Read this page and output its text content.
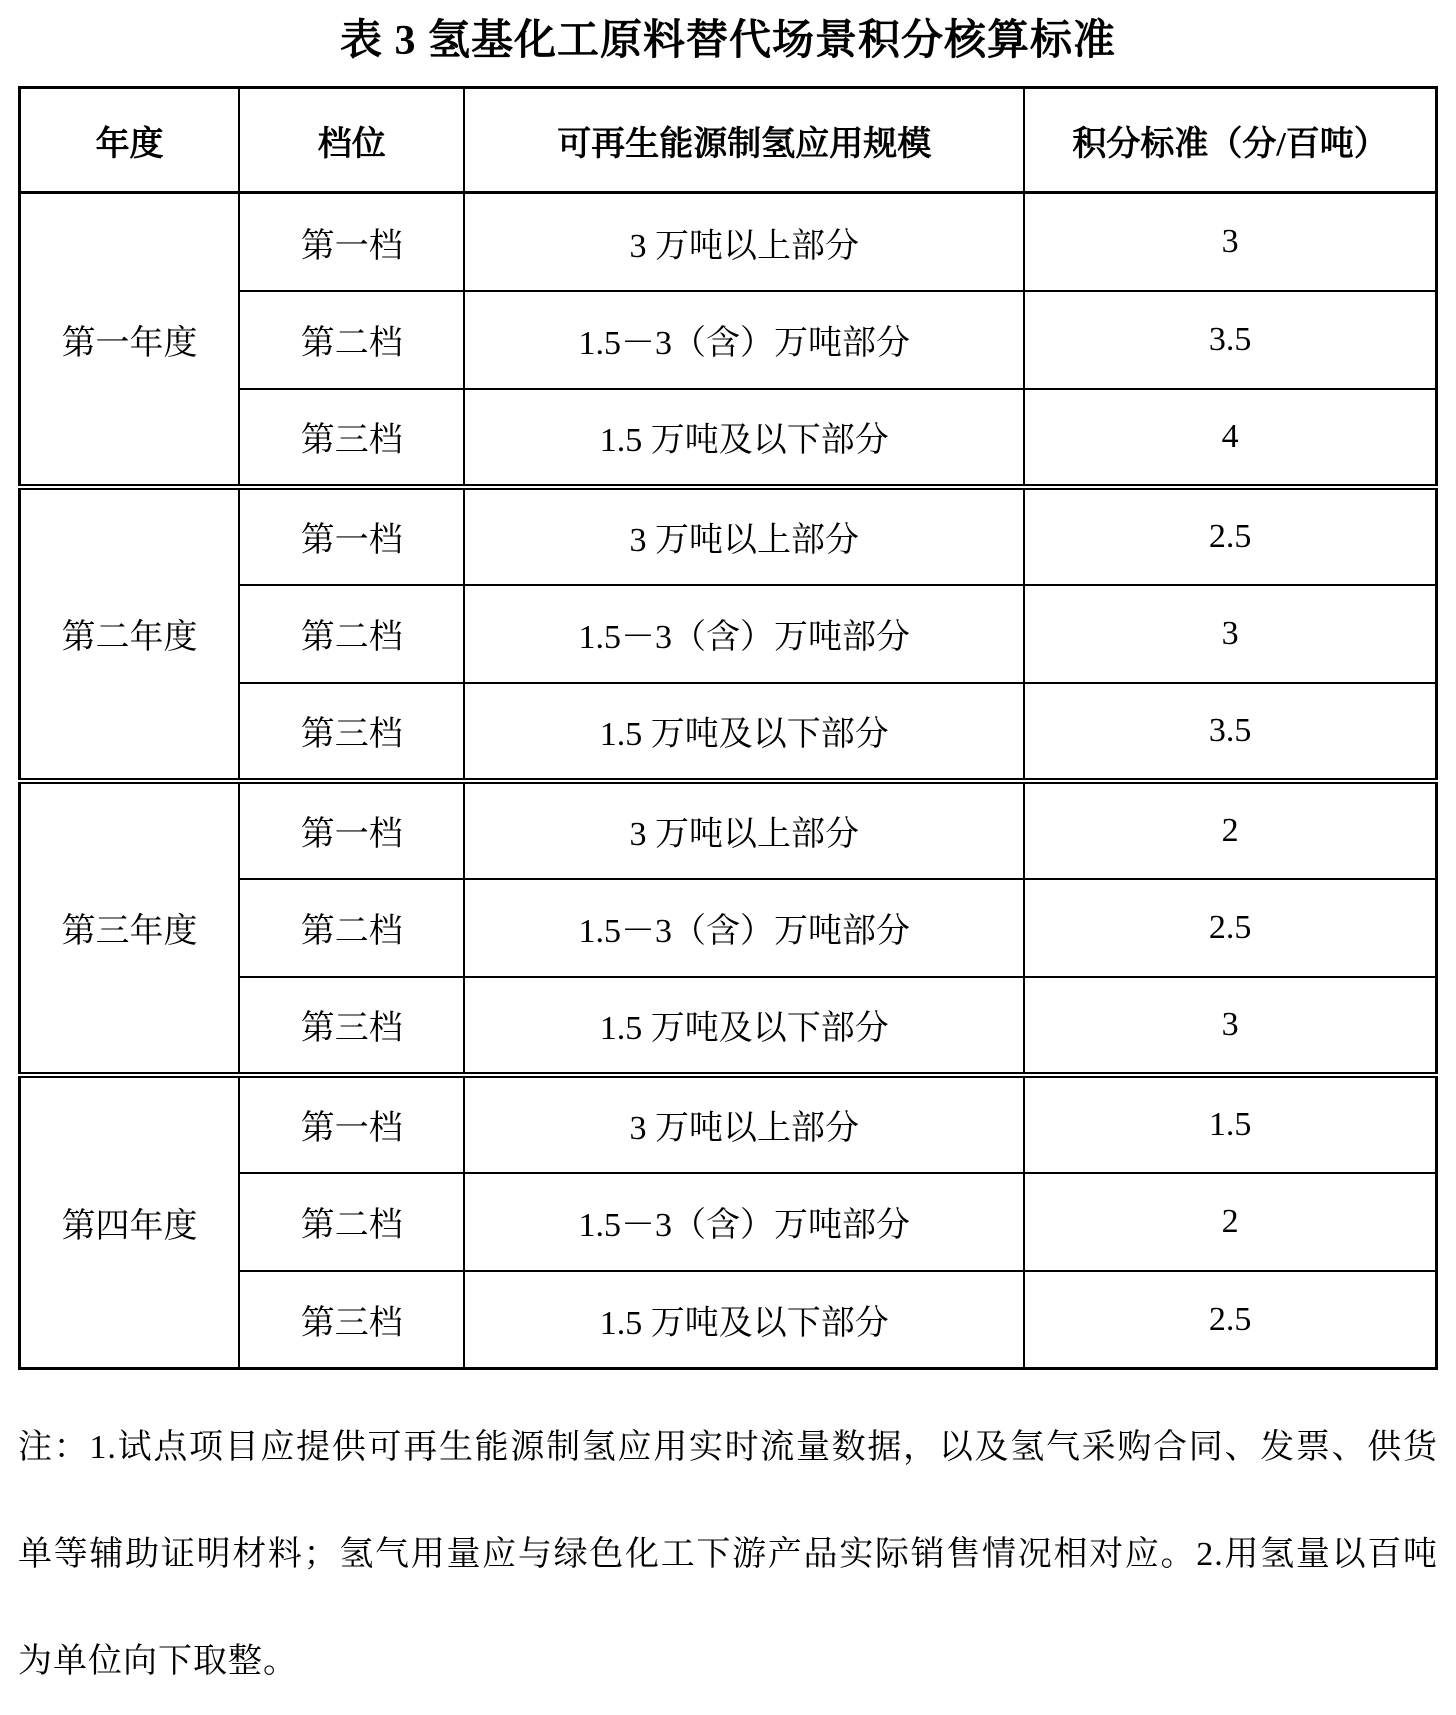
表 3 氢基化工原料替代场景积分核算标准
年度	档位	可再生能源制氢应用规模	积分标准（分/百吨）
第一年度	第一档	3 万吨以上部分	3
	第二档	1.5－3（含）万吨部分	3.5
	第三档	1.5 万吨及以下部分	4
第二年度	第一档	3 万吨以上部分	2.5
	第二档	1.5－3（含）万吨部分	3
	第三档	1.5 万吨及以下部分	3.5
第三年度	第一档	3 万吨以上部分	2
	第二档	1.5－3（含）万吨部分	2.5
	第三档	1.5 万吨及以下部分	3
第四年度	第一档	3 万吨以上部分	1.5
	第二档	1.5－3（含）万吨部分	2
	第三档	1.5 万吨及以下部分	2.5

注：1.试点项目应提供可再生能源制氢应用实时流量数据，以及氢气采购合同、发票、供货单等辅助证明材料；氢气用量应与绿色化工下游产品实际销售情况相对应。2.用氢量以百吨为单位向下取整。
